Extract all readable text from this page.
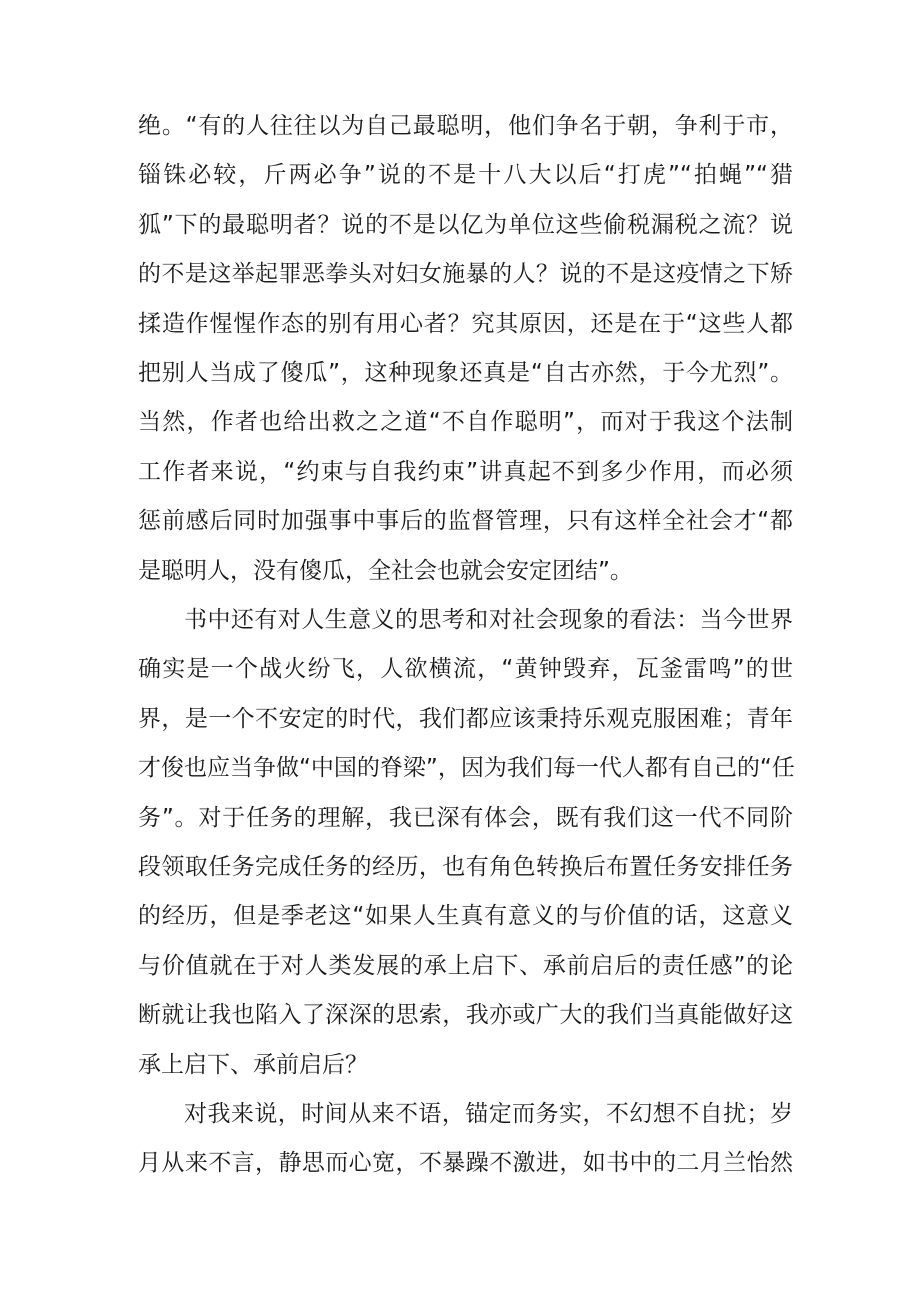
绝。“有的人往往以为自己最聪明，他们争名于朝，争利于市，
锱铢必较，斤两必争”说的不是十八大以后“打虎”“拍蝇”“猎
狐”下的最聪明者？说的不是以亿为单位这些偷税漏税之流？说
的不是这举起罪恶拳头对妇女施暴的人？说的不是这疫情之下矫
揉造作惺惺作态的别有用心者？究其原因，还是在于“这些人都
把别人当成了傻瓜”，这种现象还真是“自古亦然，于今尤烈”。
当然，作者也给出救之之道“不自作聪明”，而对于我这个法制
工作者来说，“约束与自我约束”讲真起不到多少作用，而必须
惩前感后同时加强事中事后的监督管理，只有这样全社会才“都
是聪明人，没有傻瓜，全社会也就会安定团结”。
书中还有对人生意义的思考和对社会现象的看法：当今世界
确实是一个战火纷飞，人欲横流，“黄钟毁弃，瓦釜雷鸣”的世
界，是一个不安定的时代，我们都应该秉持乐观克服困难；青年
才俊也应当争做“中国的脊梁”，因为我们每一代人都有自己的“任
务”。对于任务的理解，我已深有体会，既有我们这一代不同阶
段领取任务完成任务的经历，也有角色转换后布置任务安排任务
的经历，但是季老这“如果人生真有意义的与价值的话，这意义
与价值就在于对人类发展的承上启下、承前启后的责任感”的论
断就让我也陷入了深深的思索，我亦或广大的我们当真能做好这
承上启下、承前启后？
对我来说，时间从来不语，锚定而务实，不幻想不自扰；岁
月从来不言，静思而心宽，不暴躁不激进，如书中的二月兰怡然
